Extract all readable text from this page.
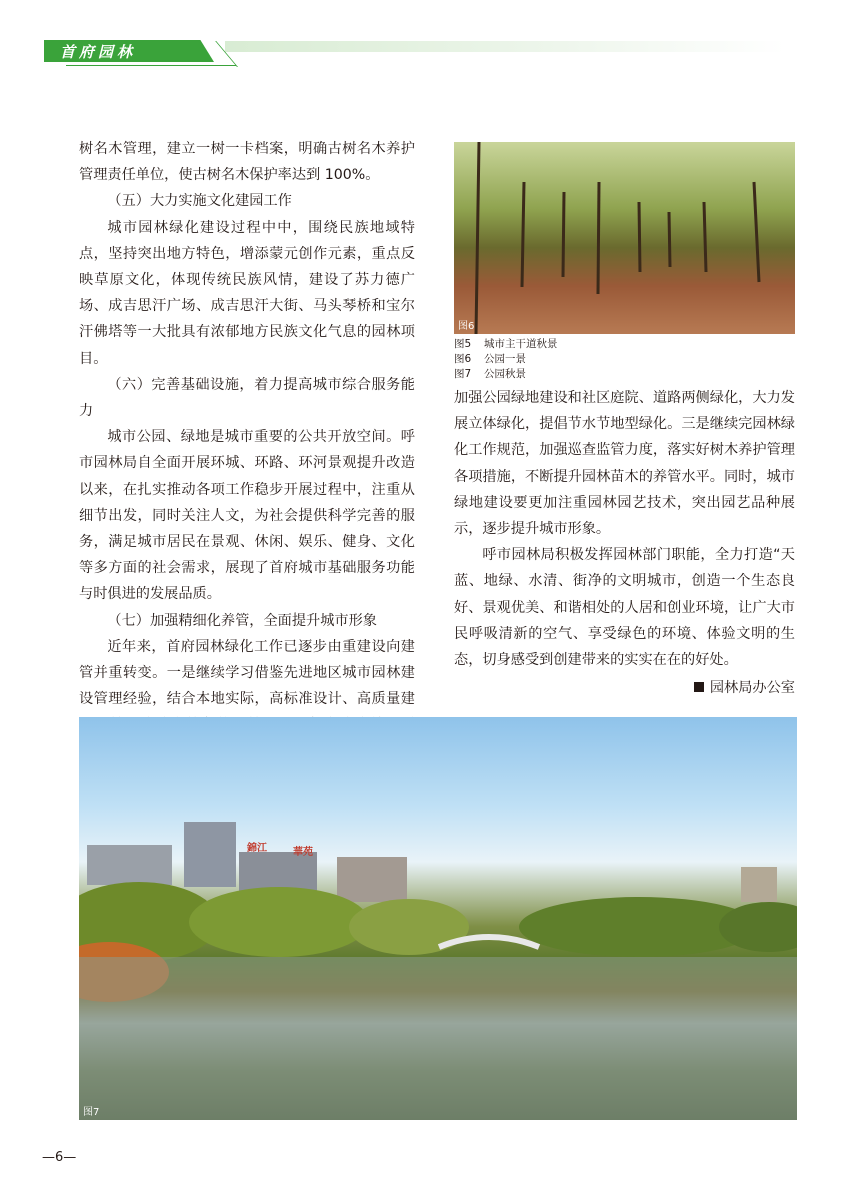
首府园林

树名木管理，建立一树一卡档案，明确古树名木养护管理责任单位，使古树名木保护率达到 100%。

（五）大力实施文化建园工作

城市园林绿化建设过程中中，围绕民族地域特点，坚持突出地方特色，增添蒙元创作元素，重点反映草原文化，体现传统民族风情，建设了苏力德广场、成吉思汗广场、成吉思汗大街、马头琴桥和宝尔汗佛塔等一大批具有浓郁地方民族文化气息的园林项目。

（六）完善基础设施，着力提高城市综合服务能力

城市公园、绿地是城市重要的公共开放空间。呼市园林局自全面开展环城、环路、环河景观提升改造以来，在扎实推动各项工作稳步开展过程中，注重从细节出发，同时关注人文，为社会提供科学完善的服务，满足城市居民在景观、休闲、娱乐、健身、文化等多方面的社会需求，展现了首府城市基础服务功能与时俱进的发展品质。

（七）加强精细化养管，全面提升城市形象

近年来，首府园林绿化工作已逐步由重建设向建管并重转变。一是继续学习借鉴先进地区城市园林建设管理经验，结合本地实际，高标准设计、高质量建

图6
图5 城市主干道秋景
图6 公园一景
图7 公园秋景

加强公园绿地建设和社区庭院、道路两侧绿化，大力发展立体绿化，提倡节水节地型绿化。三是继续完园林绿化工作规范，加强巡查监管力度，落实好树木养护管理各项措施，不断提升园林苗木的养管水平。同时，城市绿地建设要更加注重园林园艺技术，突出园艺品种展示，逐步提升城市形象。

呼市园林局积极发挥园林部门职能，全力打造“天蓝、地绿、水清、街净的文明城市，创造一个生态良好、景观优美、和谐相处的人居和创业环境，让广大市民呼吸清新的空气、享受绿色的环境、体验文明的生态，切身感受到创建带来的实实在在的好处。

园林局办公室
錦江	華苑
图7
—6—
